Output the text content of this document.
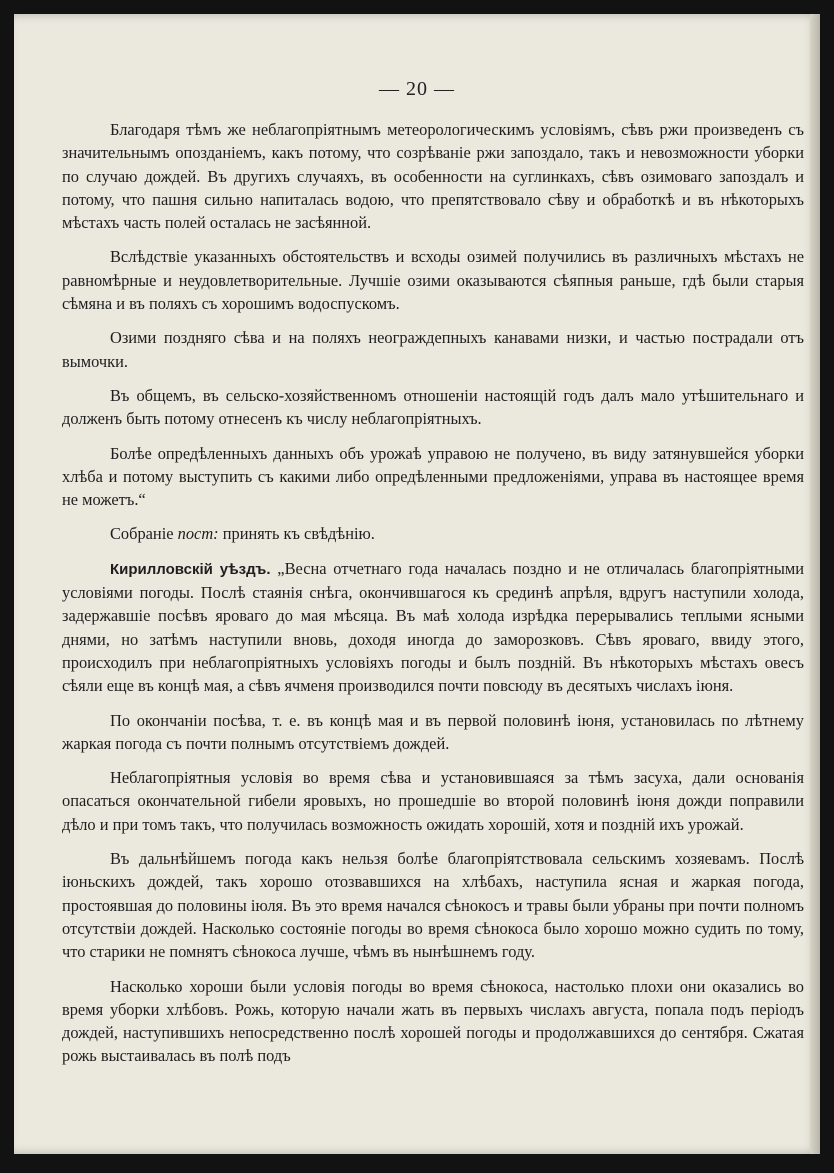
— 20 —

Благодаря тѣмъ же неблагопріятнымъ метеорологическимъ условіямъ, сѣвъ ржи произведенъ съ значительнымъ опозданіемъ, какъ потому, что созрѣваніе ржи запоздало, такъ и невозможности уборки по случаю дождей. Въ другихъ случаяхъ, въ особенности на суглинкахъ, сѣвъ озимоваго запоздалъ и потому, что пашня сильно напиталась водою, что препятствовало сѣву и обработкѣ и въ нѣкоторыхъ мѣстахъ часть полей осталась не засѣянной.

Вслѣдствіе указанныхъ обстоятельствъ и всходы озимей получились въ различныхъ мѣстахъ не равномѣрные и неудовлетворительные. Лучшіе озими оказываются сѣяпныя раньше, гдѣ были старыя сѣмяна и въ поляхъ съ хорошимъ водоспускомъ.

Озими поздняго сѣва и на поляхъ неограждепныхъ канавами низки, и частью пострадали отъ вымочки.

Въ общемъ, въ сельско-хозяйственномъ отношеніи настоящій годъ далъ мало утѣшительнаго и долженъ быть потому отнесенъ къ числу неблагопріятныхъ.

Болѣе опредѣленныхъ данныхъ объ урожаѣ управою не получено, въ виду затянувшейся уборки хлѣба и потому выступить съ какими либо опредѣленными предложеніями, управа въ настоящее время не можетъ.“

Собраніе пост: принять къ свѣдѣнію.

Кирилловскій уѣздъ. „Весна отчетнаго года началась поздно и не отличалась благопріятными условіями погоды. Послѣ стаянія снѣга, окончившагося къ срединѣ апрѣля, вдругъ наступили холода, задержавшіе посѣвъ яроваго до мая мѣсяца. Въ маѣ холода изрѣдка перерывались теплыми ясными днями, но затѣмъ наступили вновь, доходя иногда до заморозковъ. Сѣвъ яроваго, ввиду этого, происходилъ при неблагопріятныхъ условіяхъ погоды и былъ поздній. Въ нѣкоторыхъ мѣстахъ овесъ сѣяли еще въ концѣ мая, а сѣвъ ячменя производился почти повсюду въ десятыхъ числахъ іюня.

По окончаніи посѣва, т. е. въ концѣ мая и въ первой половинѣ іюня, установилась по лѣтнему жаркая погода съ почти полнымъ отсутствіемъ дождей.

Неблагопріятныя условія во время сѣва и установившаяся за тѣмъ засуха, дали основанія опасаться окончательной гибели яровыхъ, но прошедшіе во второй половинѣ іюня дожди поправили дѣло и при томъ такъ, что получилась возможность ожидать хорошій, хотя и поздній ихъ урожай.

Въ дальнѣйшемъ погода какъ нельзя болѣе благопріятствовала сельскимъ хозяевамъ. Послѣ іюньскихъ дождей, такъ хорошо отозвавшихся на хлѣбахъ, наступила ясная и жаркая погода, простоявшая до половины іюля. Въ это время начался сѣнокосъ и травы были убраны при почти полномъ отсутствіи дождей. Насколько состояніе погоды во время сѣнокоса было хорошо можно судить по тому, что старики не помнятъ сѣнокоса лучше, чѣмъ въ нынѣшнемъ году.

Насколько хороши были условія погоды во время сѣнокоса, настолько плохи они оказались во время уборки хлѣбовъ. Рожь, которую начали жать въ первыхъ числахъ августа, попала подъ періодъ дождей, наступившихъ непосредственно послѣ хорошей погоды и продолжавшихся до сентября. Сжатая рожь выстаивалась въ полѣ подъ
